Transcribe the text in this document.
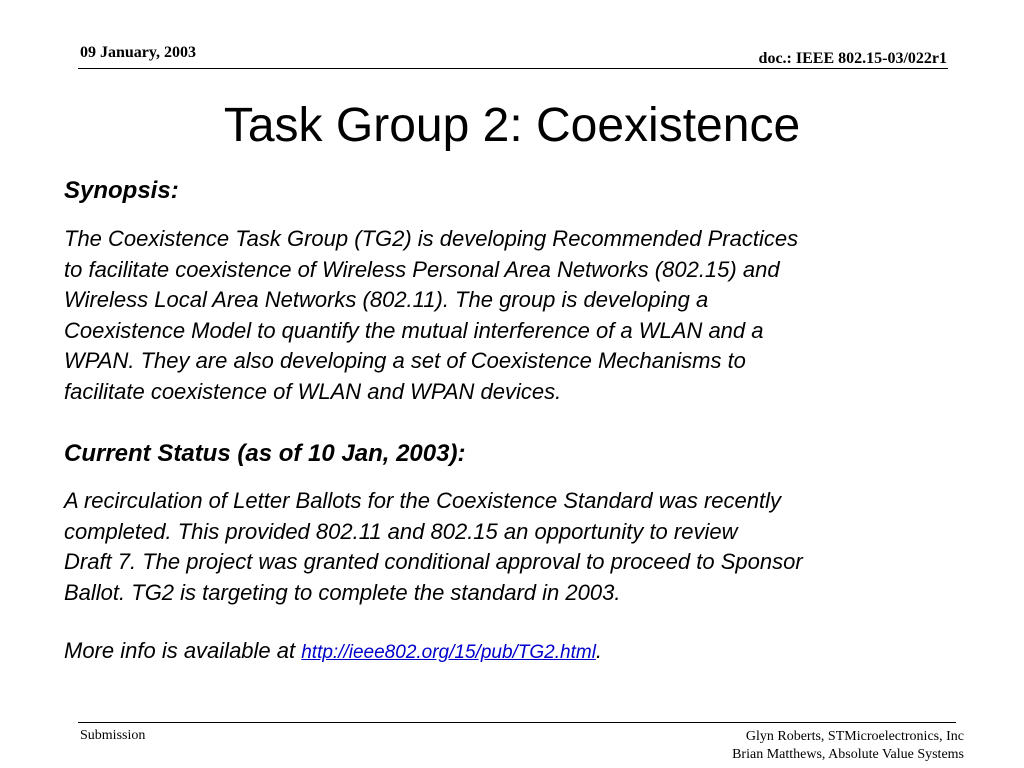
09 January, 2003	doc.: IEEE 802.15-03/022r1
Task Group 2: Coexistence
Synopsis:
The Coexistence Task Group (TG2) is developing Recommended Practices
to facilitate coexistence of Wireless Personal Area Networks (802.15) and
Wireless Local Area Networks (802.11). The group is developing a
Coexistence Model to quantify the mutual interference of a WLAN and a
WPAN. They are also developing a set of Coexistence Mechanisms to
facilitate coexistence of WLAN and WPAN devices.
Current Status (as of 10 Jan, 2003):
A recirculation of Letter Ballots for the Coexistence Standard was recently
completed. This provided 802.11 and 802.15 an opportunity to review
Draft 7. The project was granted conditional approval to proceed to Sponsor
Ballot. TG2 is targeting to complete the standard in 2003.
More info is available at http://ieee802.org/15/pub/TG2.html.
Submission	Glyn Roberts, STMicroelectronics, Inc
Brian Matthews, Absolute Value Systems
